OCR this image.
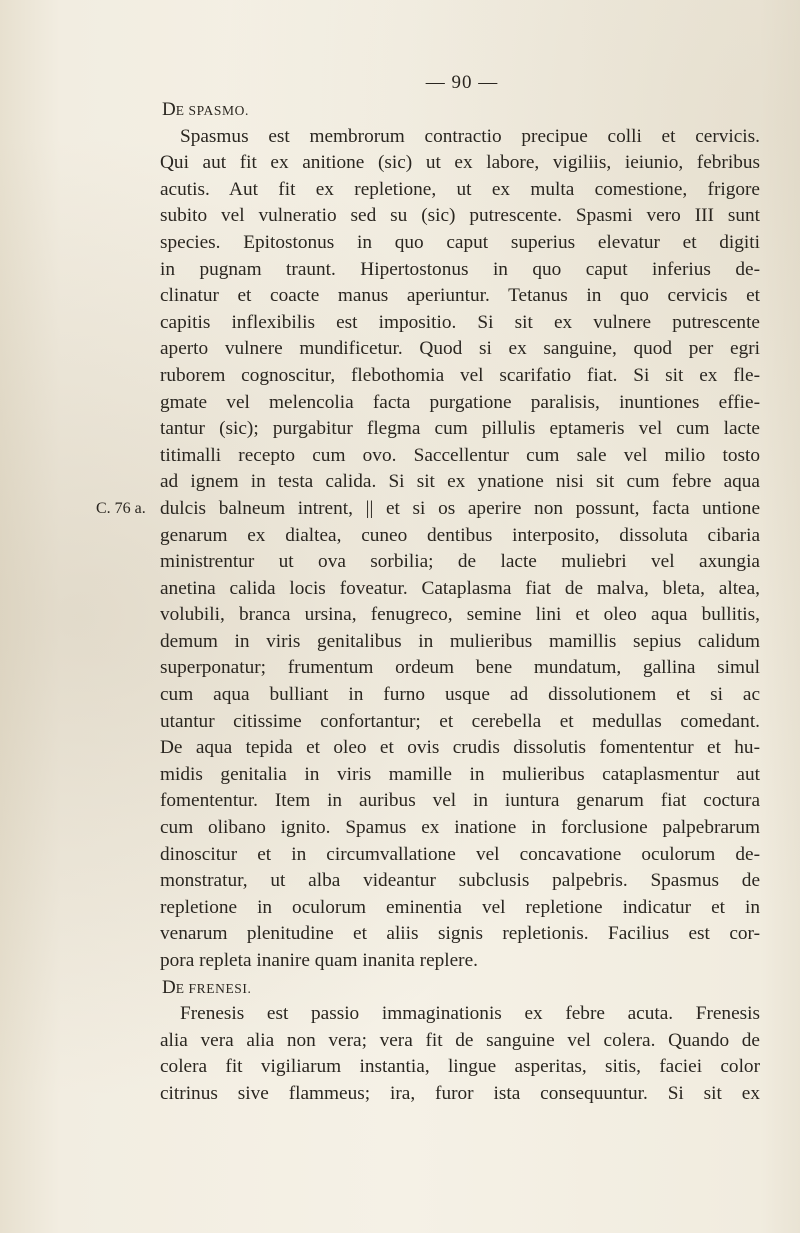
— 90 —
DE SPASMO.
Spasmus est membrorum contractio precipue colli et cervicis.
Qui aut fit ex anitione (sic) ut ex labore, vigiliis, ieiunio, febribus
acutis. Aut fit ex repletione, ut ex multa comestione, frigore
subito vel vulneratio sed su (sic) putrescente. Spasmi vero III sunt
species. Epitostonus in quo caput superius elevatur et digiti
in pugnam traunt. Hipertostonus in quo caput inferius de-
clinatur et coacte manus aperiuntur. Tetanus in quo cervicis et
capitis inflexibilis est impositio. Si sit ex vulnere putrescente
aperto vulnere mundificetur. Quod si ex sanguine, quod per egri
ruborem cognoscitur, flebothomia vel scarifatio fiat. Si sit ex fle-
gmate vel melencolia facta purgatione paralisis, inuntiones effie-
tantur (sic); purgabitur flegma cum pillulis eptameris vel cum lacte
titimalli recepto cum ovo. Saccellentur cum sale vel milio tosto
ad ignem in testa calida. Si sit ex ynatione nisi sit cum febre aqua
dulcis balneum intrent, || et si os aperire non possunt, facta untione
C. 76 a.
genarum ex dialtea, cuneo dentibus interposito, dissoluta cibaria
ministrentur ut ova sorbilia; de lacte muliebri vel axungia
anetina calida locis foveatur. Cataplasma fiat de malva, bleta, altea,
volubili, branca ursina, fenugreco, semine lini et oleo aqua bullitis,
demum in viris genitalibus in mulieribus mamillis sepius calidum
superponatur; frumentum ordeum bene mundatum, gallina simul
cum aqua bulliant in furno usque ad dissolutionem et si ac
utantur citissime confortantur; et cerebella et medullas comedant.
De aqua tepida et oleo et ovis crudis dissolutis fomententur et hu-
midis genitalia in viris mamille in mulieribus cataplasmentur aut
fomententur. Item in auribus vel in iuntura genarum fiat coctura
cum olibano ignito. Spamus ex inatione in forclusione palpebrarum
dinoscitur et in circumvallatione vel concavatione oculorum de-
monstratur, ut alba videantur subclusis palpebris. Spasmus de
repletione in oculorum eminentia vel repletione indicatur et in
venarum plenitudine et aliis signis repletionis. Facilius est cor-
pora repleta inanire quam inanita replere.
DE FRENESI.
Frenesis est passio immaginationis ex febre acuta. Frenesis
alia vera alia non vera; vera fit de sanguine vel colera. Quando de
colera fit vigiliarum instantia, lingue asperitas, sitis, faciei color
citrinus sive flammeus; ira, furor ista consequuntur. Si sit ex
